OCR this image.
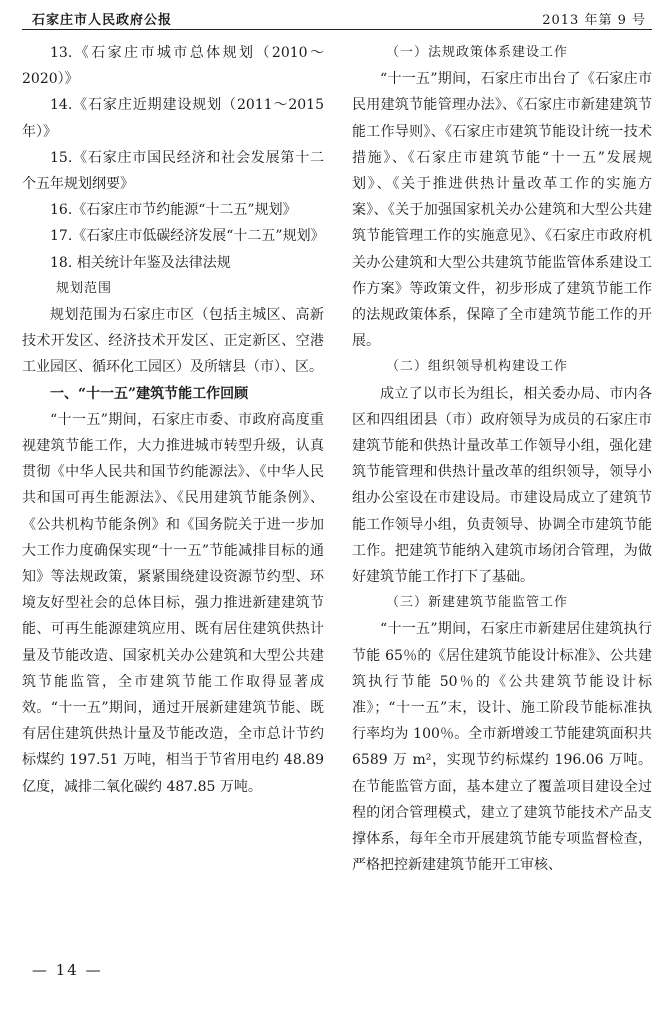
石家庄市人民政府公报	2013 年第 9 号

13.《石家庄市城市总体规划（2010～2020）》

14.《石家庄近期建设规划（2011～2015 年）》

15.《石家庄市国民经济和社会发展第十二个五年规划纲要》

16.《石家庄市节约能源“十二五”规划》

17.《石家庄市低碳经济发展“十二五”规划》

18. 相关统计年鉴及法律法规

规划范围

规划范围为石家庄市区（包括主城区、高新技术开发区、经济技术开发区、正定新区、空港工业园区、循环化工园区）及所辖县（市）、区。

一、“十一五”建筑节能工作回顾

“十一五”期间，石家庄市委、市政府高度重视建筑节能工作，大力推进城市转型升级，认真贯彻《中华人民共和国节约能源法》、《中华人民共和国可再生能源法》、《民用建筑节能条例》、《公共机构节能条例》和《国务院关于进一步加大工作力度确保实现“十一五”节能减排目标的通知》等法规政策，紧紧围绕建设资源节约型、环境友好型社会的总体目标，强力推进新建建筑节能、可再生能源建筑应用、既有居住建筑供热计量及节能改造、国家机关办公建筑和大型公共建筑节能监管，全市建筑节能工作取得显著成效。“十一五”期间，通过开展新建建筑节能、既有居住建筑供热计量及节能改造，全市总计节约标煤约 197.51 万吨，相当于节省用电约 48.89 亿度，减排二氧化碳约 487.85 万吨。

（一）法规政策体系建设工作

“十一五”期间，石家庄市出台了《石家庄市民用建筑节能管理办法》、《石家庄市新建建筑节能工作导则》、《石家庄市建筑节能设计统一技术措施》、《石家庄市建筑节能“十一五”发展规划》、《关于推进供热计量改革工作的实施方案》、《关于加强国家机关办公建筑和大型公共建筑节能管理工作的实施意见》、《石家庄市政府机关办公建筑和大型公共建筑节能监管体系建设工作方案》等政策文件，初步形成了建筑节能工作的法规政策体系，保障了全市建筑节能工作的开展。

（二）组织领导机构建设工作

成立了以市长为组长，相关委办局、市内各区和四组团县（市）政府领导为成员的石家庄市建筑节能和供热计量改革工作领导小组，强化建筑节能管理和供热计量改革的组织领导，领导小组办公室设在市建设局。市建设局成立了建筑节能工作领导小组，负责领导、协调全市建筑节能工作。把建筑节能纳入建筑市场闭合管理，为做好建筑节能工作打下了基础。

（三）新建建筑节能监管工作

“十一五”期间，石家庄市新建居住建筑执行节能 65％的《居住建筑节能设计标准》、公共建筑执行节能 50％的《公共建筑节能设计标准》；“十一五”末，设计、施工阶段节能标准执行率均为 100％。全市新增竣工节能建筑面积共 6589 万 m²，实现节约标煤约 196.06 万吨。在节能监管方面，基本建立了覆盖项目建设全过程的闭合管理模式，建立了建筑节能技术产品支撑体系，每年全市开展建筑节能专项监督检查，严格把控新建建筑节能开工审核、

— 14 —
